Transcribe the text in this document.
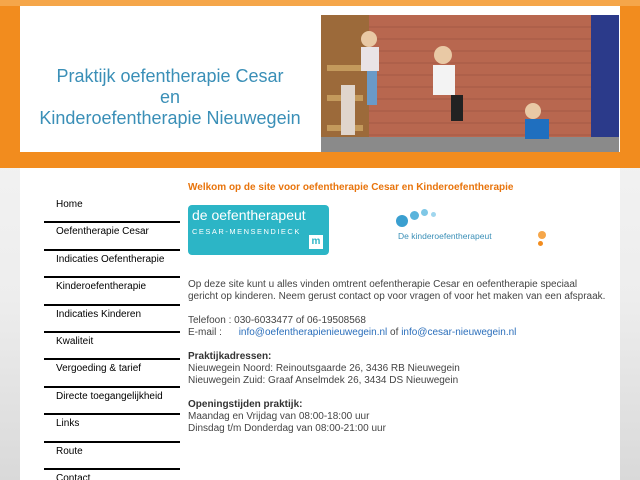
Praktijk oefentherapie Cesar
en
Kinderoefentherapie Nieuwegein
Home
Oefentherapie Cesar
Indicaties Oefentherapie
Kinderoefentherapie
Indicaties Kinderen
Kwaliteit
Vergoeding & tarief
Directe toegangelijkheid
Links
Route
Contact
Welkom op de site voor oefentherapie Cesar en Kinderoefentherapie
de oefentherapeut
CESAR-MENSENDIECK
m	De kinderoefentherapeut

Op deze site kunt u alles vinden omtrent oefentherapie Cesar en oefentherapie speciaal gericht op kinderen. Neem gerust contact op voor vragen of voor het maken van een afspraak.

Telefoon : 030-6033477 of 06-19508568
E-mail : info@oefentherapienieuwegein.nl of info@cesar-nieuwegein.nl

Praktijkadressen:
Nieuwegein Noord: Reinoutsgaarde 26, 3436 RB Nieuwegein
Nieuwegein Zuid: Graaf Anselmdek 26, 3434 DS Nieuwegein

Openingstijden praktijk:
Maandag en Vrijdag van 08:00-18:00 uur
Dinsdag t/m Donderdag van 08:00-21:00 uur
